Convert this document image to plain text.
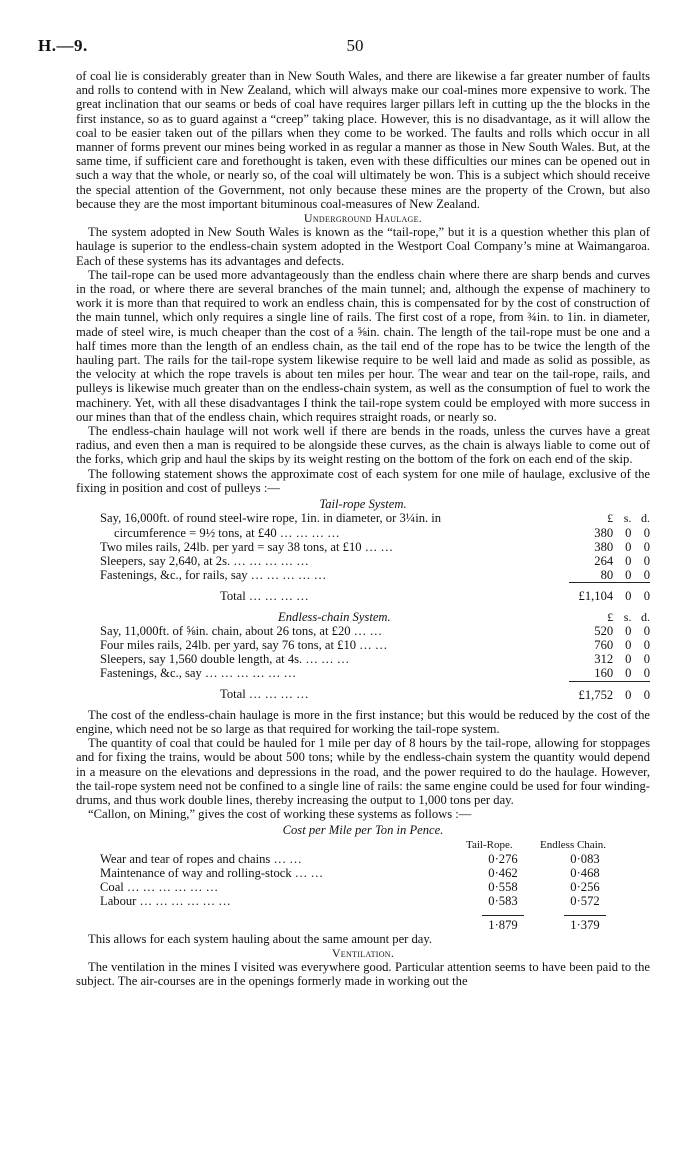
H.—9.	50

of coal lie is considerably greater than in New South Wales, and there are likewise a far greater number of faults and rolls to contend with in New Zealand, which will always make our coal-mines more expensive to work. The great inclination that our seams or beds of coal have requires larger pillars left in cutting up the the blocks in the first instance, so as to guard against a “creep” taking place. However, this is no disadvantage, as it will allow the coal to be easier taken out of the pillars when they come to be worked. The faults and rolls which occur in all manner of forms prevent our mines being worked in as regular a manner as those in New South Wales. But, at the same time, if sufficient care and forethought is taken, even with these difficulties our mines can be opened out in such a way that the whole, or nearly so, of the coal will ultimately be won. This is a subject which should receive the special attention of the Government, not only because these mines are the property of the Crown, but also because they are the most important bituminous coal-measures of New Zealand.

Underground Haulage.

The system adopted in New South Wales is known as the “tail-rope,” but it is a question whether this plan of haulage is superior to the endless-chain system adopted in the Westport Coal Company’s mine at Waimangaroa. Each of these systems has its advantages and defects.

The tail-rope can be used more advantageously than the endless chain where there are sharp bends and curves in the road, or where there are several branches of the main tunnel; and, although the expense of machinery to work it is more than that required to work an endless chain, this is compensated for by the cost of construction of the main tunnel, which only requires a single line of rails. The first cost of a rope, from ¾in. to 1in. in diameter, made of steel wire, is much cheaper than the cost of a ⅝in. chain. The length of the tail-rope must be one and a half times more than the length of an endless chain, as the tail end of the rope has to be twice the length of the hauling part. The rails for the tail-rope system likewise require to be well laid and made as solid as possible, as the velocity at which the rope travels is about ten miles per hour. The wear and tear on the tail-rope, rails, and pulleys is likewise much greater than on the endless-chain system, as well as the consumption of fuel to work the machinery. Yet, with all these disadvantages I think the tail-rope system could be employed with more success in our mines than that of the endless chain, which requires straight roads, or nearly so.

The endless-chain haulage will not work well if there are bends in the roads, unless the curves have a great radius, and even then a man is required to be alongside these curves, as the chain is always liable to come out of the forks, which grip and haul the skips by its weight resting on the bottom of the fork on each end of the skip.

The following statement shows the approximate cost of each system for one mile of haulage, exclusive of the fixing in position and cost of pulleys :—

Tail-rope System.
Say, 16,000ft. of round steel-wire rope, 1in. in diameter, or 3¼in. in	£	s.	d.
circumference = 9½ tons, at £40 … … … …	380	0	0
Two miles rails, 24lb. per yard = say 38 tons, at £10 … …	380	0	0
Sleepers, say 2,640, at 2s. … … … … …	264	0	0
Fastenings, &c., for rails, say … … … … …	80	0	0
Total … … … …	£1,104	0	0
Endless-chain System.	£	s.	d.
Say, 11,000ft. of ⅝in. chain, about 26 tons, at £20 … …	520	0	0
Four miles rails, 24lb. per yard, say 76 tons, at £10 … …	760	0	0
Sleepers, say 1,560 double length, at 4s. … … …	312	0	0
Fastenings, &c., say … … … … … …	160	0	0
Total … … … …	£1,752	0	0

The cost of the endless-chain haulage is more in the first instance; but this would be reduced by the cost of the engine, which need not be so large as that required for working the tail-rope system.

The quantity of coal that could be hauled for 1 mile per day of 8 hours by the tail-rope, allowing for stoppages and for fixing the trains, would be about 500 tons; while by the endless-chain system the quantity would depend in a measure on the elevations and depressions in the road, and the power required to do the haulage. However, the tail-rope system need not be confined to a single line of rails: the same engine could be used for four winding-drums, and thus work double lines, thereby increasing the output to 1,000 tons per day.

“Callon, on Mining,” gives the cost of working these systems as follows :—

Cost per Mile per Ton in Pence.
	Tail-Rope.	Endless Chain.
Wear and tear of ropes and chains … …	0·276	0·083
Maintenance of way and rolling-stock … …	0·462	0·468
Coal … … … … … …	0·558	0·256
Labour … … … … … …	0·583	0·572
	1·879	1·379

This allows for each system hauling about the same amount per day.

Ventilation.

The ventilation in the mines I visited was everywhere good. Particular attention seems to have been paid to the subject. The air-courses are in the openings formerly made in working out the
